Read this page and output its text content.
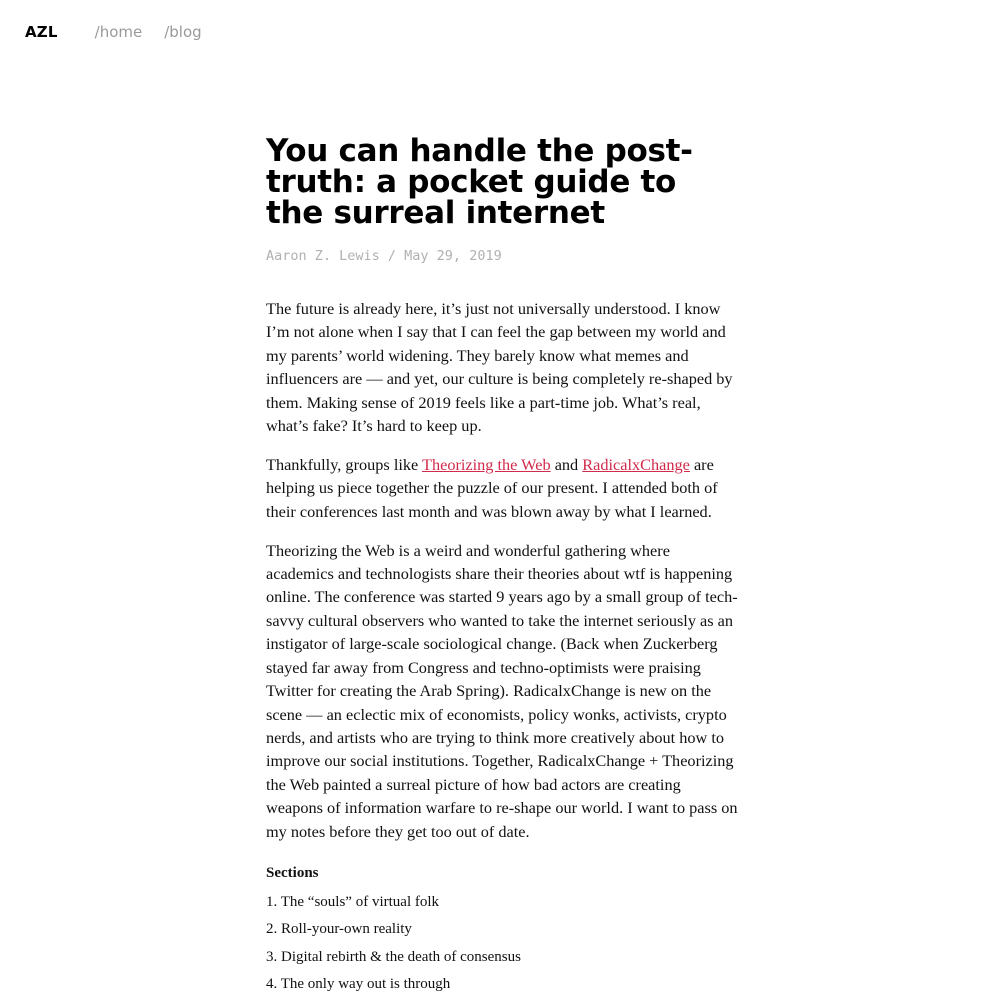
AZL /home /blog
You can handle the post-truth: a pocket guide to the surreal internet
Aaron Z. Lewis / May 29, 2019

The future is already here, it’s just not universally understood. I know I’m not alone when I say that I can feel the gap between my world and my parents’ world widening. They barely know what memes and influencers are — and yet, our culture is being completely re-shaped by them. Making sense of 2019 feels like a part-time job. What’s real, what’s fake? It’s hard to keep up.

Thankfully, groups like Theorizing the Web and RadicalxChange are helping us piece together the puzzle of our present. I attended both of their conferences last month and was blown away by what I learned.

Theorizing the Web is a weird and wonderful gathering where academics and technologists share their theories about wtf is happening online. The conference was started 9 years ago by a small group of tech-savvy cultural observers who wanted to take the internet seriously as an instigator of large-scale sociological change. (Back when Zuckerberg stayed far away from Congress and techno-optimists were praising Twitter for creating the Arab Spring). RadicalxChange is new on the scene — an eclectic mix of economists, policy wonks, activists, crypto nerds, and artists who are trying to think more creatively about how to improve our social institutions. Together, RadicalxChange + Theorizing the Web painted a surreal picture of how bad actors are creating weapons of information warfare to re-shape our world. I want to pass on my notes before they get too out of date.

Sections
1. The “souls” of virtual folk
2. Roll-your-own reality
3. Digital rebirth & the death of consensus
4. The only way out is through
